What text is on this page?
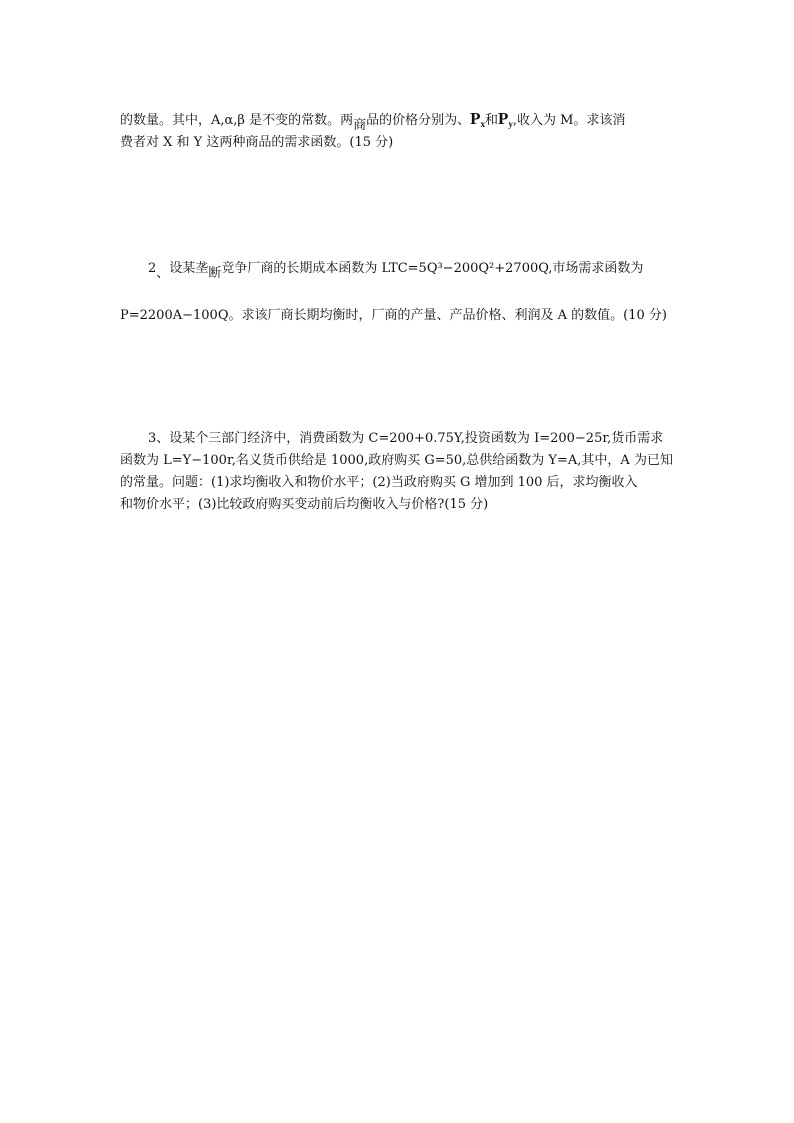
的数量。其中，A,α,β 是不变的常数。两商品的价格分别为、Px和Py,收入为 M。求该消
费者对 X 和 Y 这两种商品的需求函数。(15 分)
2、设某垄断竞争厂商的长期成本函数为 LTC=5Q³−200Q²+2700Q,市场需求函数为
P=2200A−100Q。求该厂商长期均衡时，厂商的产量、产品价格、利润及 A 的数值。(10 分)
3、设某个三部门经济中，消费函数为 C=200+0.75Y,投资函数为 I=200−25r,货币需求
函数为 L=Y−100r,名义货币供给是 1000,政府购买 G=50,总供给函数为 Y=A,其中，A 为已知
的常量。问题：(1)求均衡收入和物价水平；(2)当政府购买 G 增加到 100 后，求均衡收入
和物价水平；(3)比较政府购买变动前后均衡收入与价格?(15 分)
